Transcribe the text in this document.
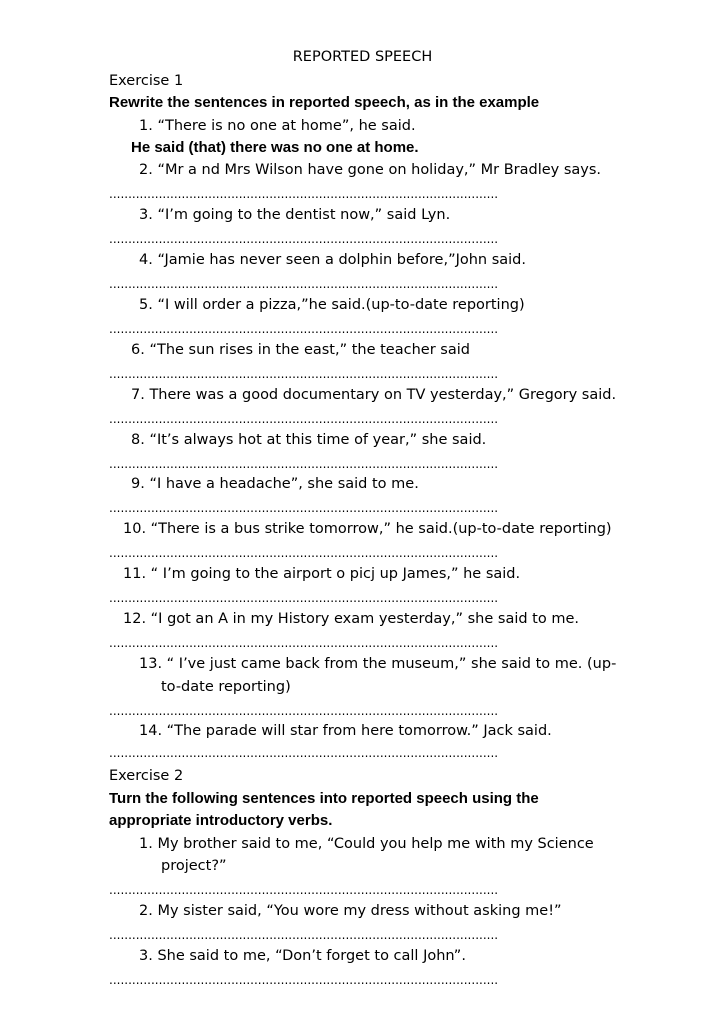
REPORTED SPEECH
Exercise 1
Rewrite the sentences in reported speech, as in the example
1. “There is no one at home”, he said.
He said (that) there was no one at home.
2. “Mr a nd Mrs Wilson have gone on holiday,” Mr Bradley says.
......................................................................................................
3. “I’m going to the dentist now,” said Lyn.
......................................................................................................
4. “Jamie has never seen a dolphin before,”John said.
......................................................................................................
5. “I will order a pizza,”he said.(up-to-date reporting)
......................................................................................................
6. “The sun rises in the east,” the teacher said
......................................................................................................
7. There was a good documentary on TV yesterday,” Gregory said.
......................................................................................................
8. “It’s always hot at this time of year,” she said.
......................................................................................................
9. “I have a headache”, she said to me.
......................................................................................................
10. “There is a bus strike tomorrow,” he said.(up-to-date reporting)
......................................................................................................
11. “ I’m going to the airport o picj up James,” he said.
......................................................................................................
12. “I got an A in my History exam yesterday,” she said to me.
......................................................................................................
13. “ I’ve just came back from the museum,” she said to me. (up-
to-date reporting)
......................................................................................................
14. “The parade will star from here tomorrow.” Jack said.
......................................................................................................
Exercise 2
Turn the following sentences into reported speech using the
appropriate introductory verbs.
1. My brother said to me, “Could you help me with my Science
project?”
......................................................................................................
2. My sister said, “You wore my dress without asking me!”
......................................................................................................
3. She said to me, “Don’t forget to call John”.
......................................................................................................
